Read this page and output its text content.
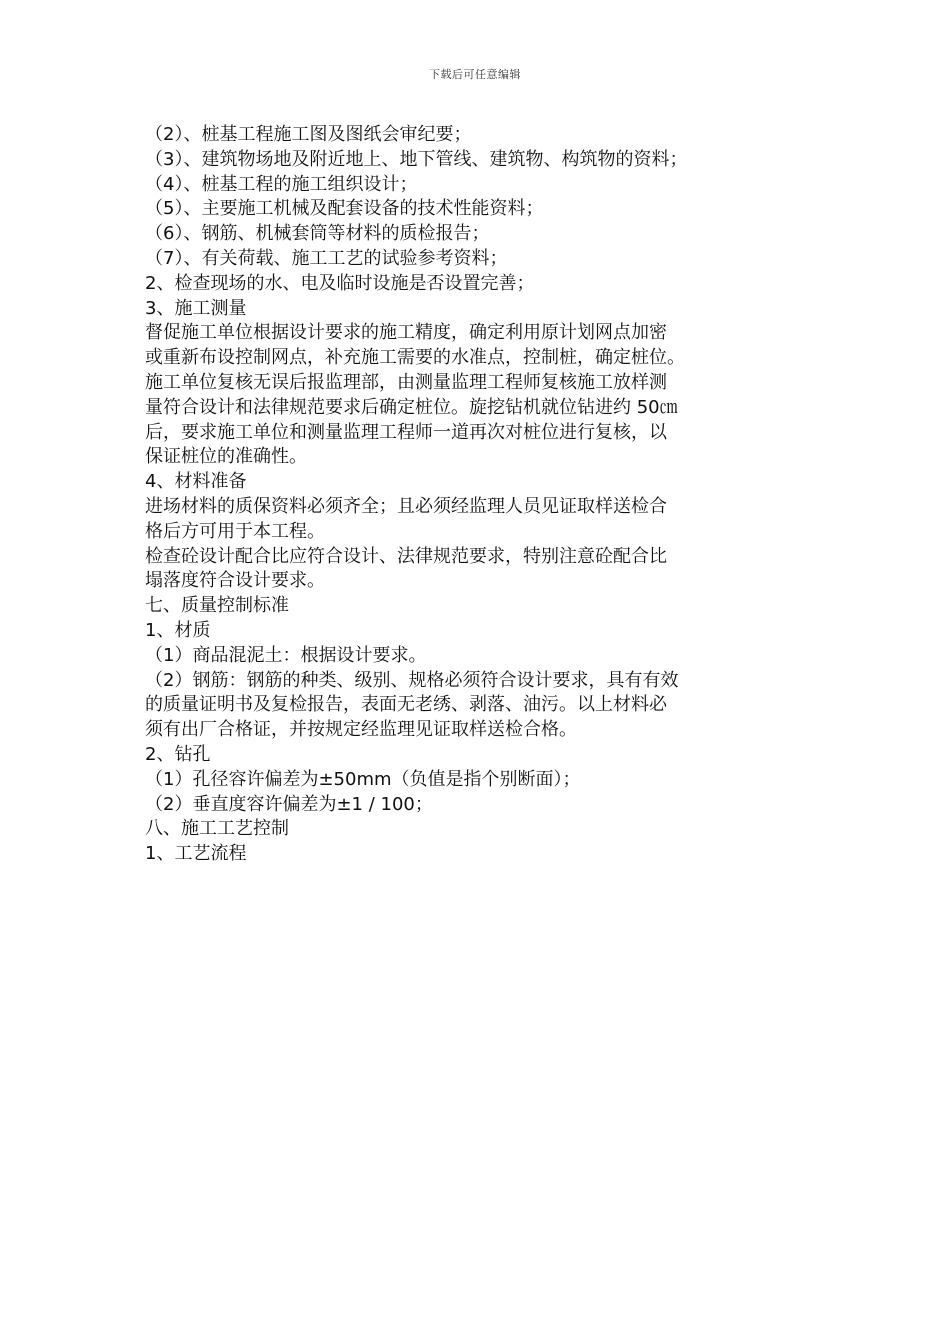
下载后可任意编辑
（2）、桩基工程施工图及图纸会审纪要；
（3）、建筑物场地及附近地上、地下管线、建筑物、构筑物的资料；
（4）、桩基工程的施工组织设计；
（5）、主要施工机械及配套设备的技术性能资料；
（6）、钢筋、机械套筒等材料的质检报告；
（7）、有关荷载、施工工艺的试验参考资料；
2、检查现场的水、电及临时设施是否设置完善；
3、施工测量
督促施工单位根据设计要求的施工精度，确定利用原计划网点加密
或重新布设控制网点，补充施工需要的水准点，控制桩，确定桩位。
施工单位复核无误后报监理部，由测量监理工程师复核施工放样测
量符合设计和法律规范要求后确定桩位。旋挖钻机就位钻进约 50㎝
后，要求施工单位和测量监理工程师一道再次对桩位进行复核，以
保证桩位的准确性。
4、材料准备
进场材料的质保资料必须齐全；且必须经监理人员见证取样送检合
格后方可用于本工程。
检查砼设计配合比应符合设计、法律规范要求，特别注意砼配合比
塌落度符合设计要求。
七、质量控制标准
1、材质
（1）商品混泥土：根据设计要求。
（2）钢筋：钢筋的种类、级别、规格必须符合设计要求，具有有效
的质量证明书及复检报告，表面无老绣、剥落、油污。以上材料必
须有出厂合格证，并按规定经监理见证取样送检合格。
2、钻孔
（1）孔径容许偏差为±50mm（负值是指个别断面）；
（2）垂直度容许偏差为±1 / 100；
八、施工工艺控制
1、工艺流程
